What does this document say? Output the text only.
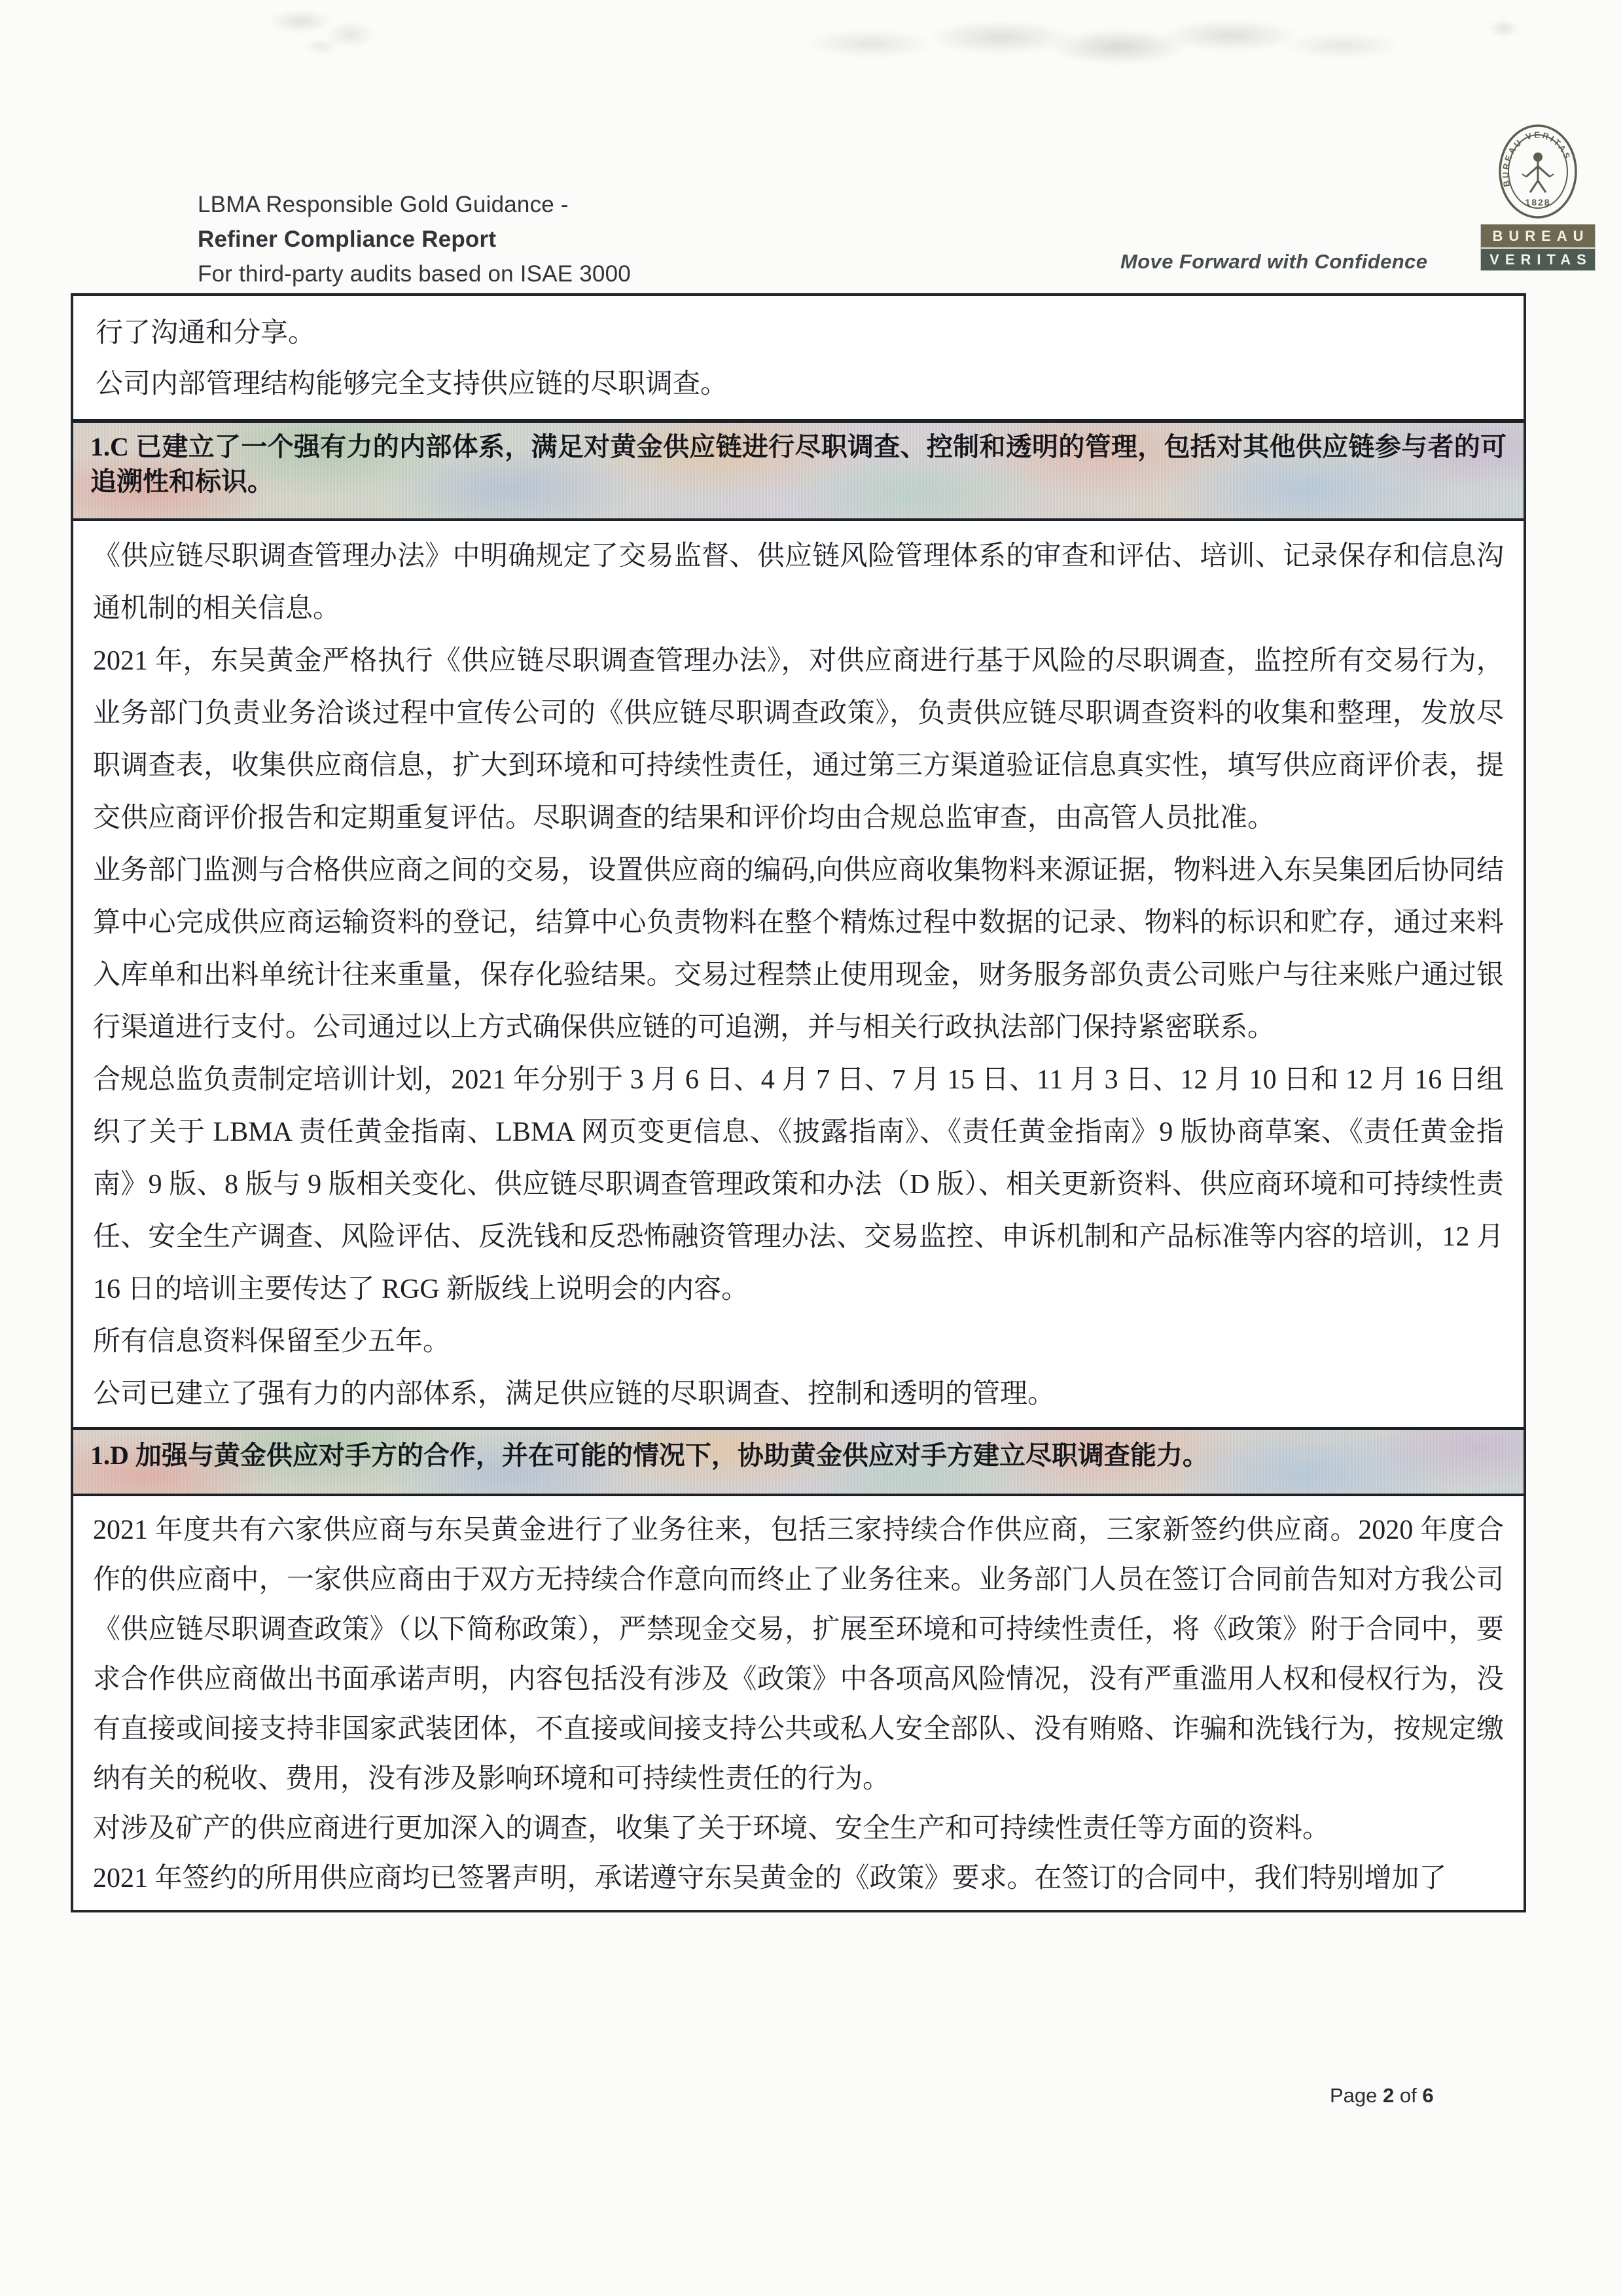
LBMA Responsible Gold Guidance -
Refiner Compliance Report
For third-party audits based on ISAE 3000	Move Forward with Confidence
BUREAU VERITAS
1828
BUREAU
VERITAS

行了沟通和分享。

公司内部管理结构能够完全支持供应链的尽职调查。

1.C 已建立了一个强有力的内部体系，满足对黄金供应链进行尽职调查、控制和透明的管理，包括对其他供应链参与者的可追溯性和标识。

《供应链尽职调查管理办法》中明确规定了交易监督、供应链风险管理体系的审查和评估、培训、记录保存和信息沟通机制的相关信息。

2021 年，东吴黄金严格执行《供应链尽职调查管理办法》，对供应商进行基于风险的尽职调查，监控所有交易行为，业务部门负责业务洽谈过程中宣传公司的《供应链尽职调查政策》，负责供应链尽职调查资料的收集和整理，发放尽职调查表，收集供应商信息，扩大到环境和可持续性责任，通过第三方渠道验证信息真实性，填写供应商评价表，提交供应商评价报告和定期重复评估。尽职调查的结果和评价均由合规总监审查，由高管人员批准。

业务部门监测与合格供应商之间的交易，设置供应商的编码,向供应商收集物料来源证据，物料进入东吴集团后协同结算中心完成供应商运输资料的登记，结算中心负责物料在整个精炼过程中数据的记录、物料的标识和贮存，通过来料入库单和出料单统计往来重量，保存化验结果。交易过程禁止使用现金，财务服务部负责公司账户与往来账户通过银行渠道进行支付。公司通过以上方式确保供应链的可追溯，并与相关行政执法部门保持紧密联系。

合规总监负责制定培训计划，2021 年分别于 3 月 6 日、4 月 7 日、7 月 15 日、11 月 3 日、12 月 10 日和 12 月 16 日组织了关于 LBMA 责任黄金指南、LBMA 网页变更信息、《披露指南》、《责任黄金指南》9 版协商草案、《责任黄金指南》9 版、8 版与 9 版相关变化、供应链尽职调查管理政策和办法（D 版）、相关更新资料、供应商环境和可持续性责任、安全生产调查、风险评估、反洗钱和反恐怖融资管理办法、交易监控、申诉机制和产品标准等内容的培训，12 月 16 日的培训主要传达了 RGG 新版线上说明会的内容。

所有信息资料保留至少五年。

公司已建立了强有力的内部体系，满足供应链的尽职调查、控制和透明的管理。

1.D 加强与黄金供应对手方的合作，并在可能的情况下，协助黄金供应对手方建立尽职调查能力。

2021 年度共有六家供应商与东吴黄金进行了业务往来，包括三家持续合作供应商，三家新签约供应商。2020 年度合作的供应商中，一家供应商由于双方无持续合作意向而终止了业务往来。业务部门人员在签订合同前告知对方我公司《供应链尽职调查政策》（以下简称政策），严禁现金交易，扩展至环境和可持续性责任，将《政策》附于合同中，要求合作供应商做出书面承诺声明，内容包括没有涉及《政策》中各项高风险情况，没有严重滥用人权和侵权行为，没有直接或间接支持非国家武装团体，不直接或间接支持公共或私人安全部队、没有贿赂、诈骗和洗钱行为，按规定缴纳有关的税收、费用，没有涉及影响环境和可持续性责任的行为。

对涉及矿产的供应商进行更加深入的调查，收集了关于环境、安全生产和可持续性责任等方面的资料。

2021 年签约的所用供应商均已签署声明，承诺遵守东吴黄金的《政策》要求。在签订的合同中，我们特别增加了

Page 2 of 6
